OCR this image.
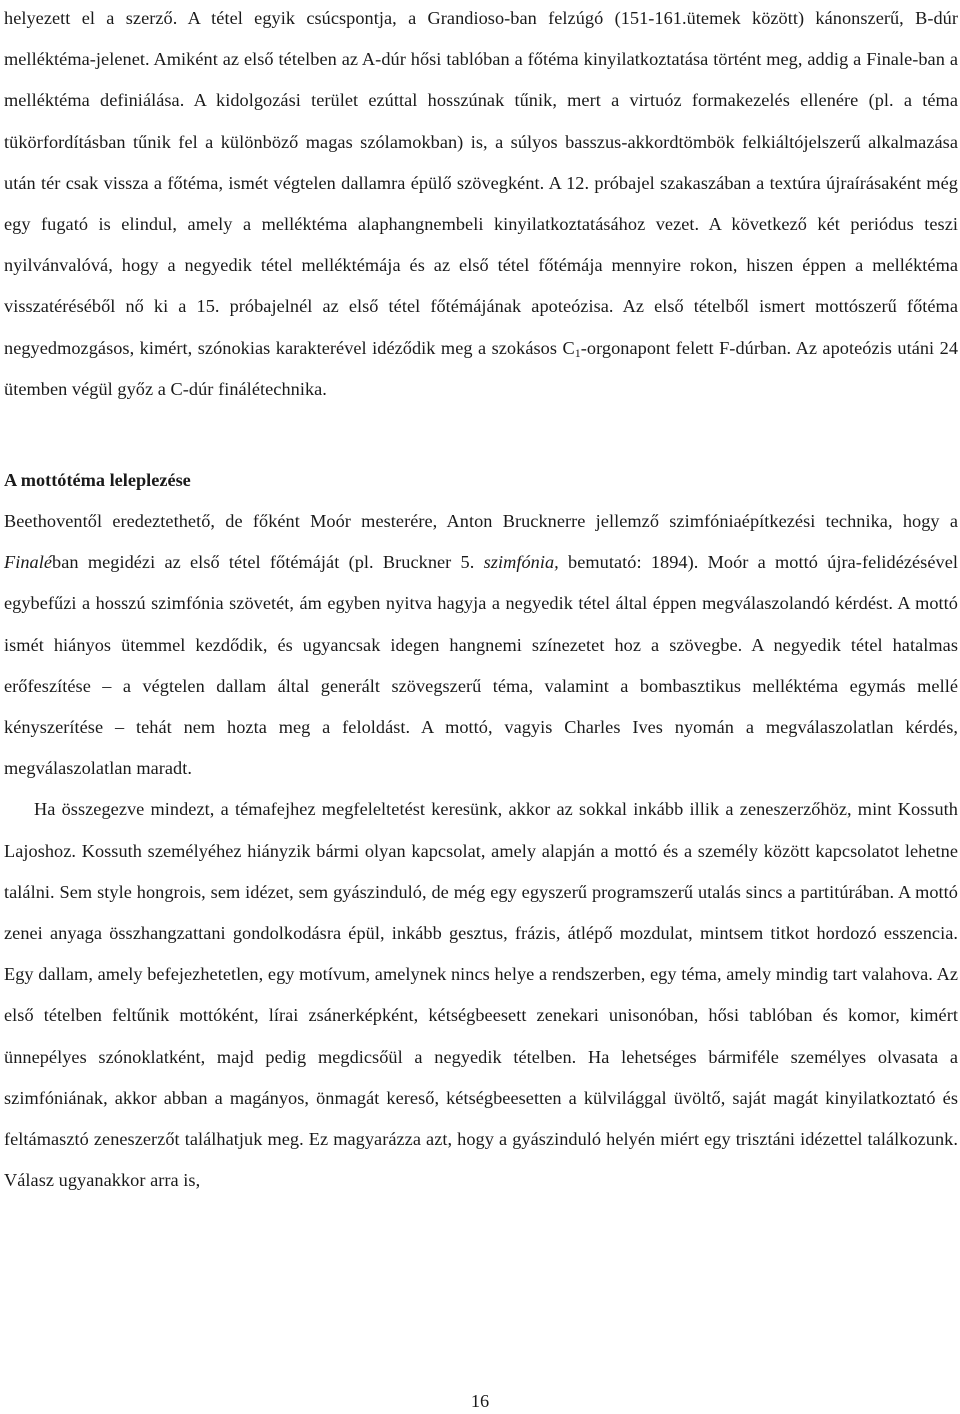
helyezett el a szerző. A tétel egyik csúcspontja, a Grandioso-ban felzúgó (151-161.ütemek között) kánonszerű, B-dúr melléktéma-jelenet. Amiként az első tételben az A-dúr hősi tablóban a főtéma kinyilatkoztatása történt meg, addig a Finale-ban a melléktéma definiálása. A kidolgozási terület ezúttal hosszúnak tűnik, mert a virtuóz formakezelés ellenére (pl. a téma tükörfordításban tűnik fel a különböző magas szólamokban) is, a súlyos basszus-akkordtömbök felkiáltójelszerű alkalmazása után tér csak vissza a főtéma, ismét végtelen dallamra épülő szövegként. A 12. próbajel szakaszában a textúra újraírásaként még egy fugató is elindul, amely a melléktéma alaphangnembeli kinyilatkoztatásához vezet. A következő két periódus teszi nyilvánvalóvá, hogy a negyedik tétel melléktémája és az első tétel főtémája mennyire rokon, hiszen éppen a melléktéma visszatéréséből nő ki a 15. próbajelnél az első tétel főtémájának apoteózisa. Az első tételből ismert mottószerű főtéma negyedmozgásos, kimért, szónokias karakterével idéződik meg a szokásos $C_1$-orgonapont felett F-dúrban. Az apoteózis utáni 24 ütemben végül győz a C-dúr finálétechnika.

A mottótéma leleplezése

Beethoventől eredeztethető, de főként Moór mesterére, Anton Brucknerre jellemző szimfóniaépítkezési technika, hogy a Finaléban megidézi az első tétel főtémáját (pl. Bruckner 5. szimfónia, bemutató: 1894). Moór a mottó újra-felidézésével egybefűzi a hosszú szimfónia szövetét, ám egyben nyitva hagyja a negyedik tétel által éppen megválaszolandó kérdést. A mottó ismét hiányos ütemmel kezdődik, és ugyancsak idegen hangnemi színezetet hoz a szövegbe. A negyedik tétel hatalmas erőfeszítése – a végtelen dallam által generált szövegszerű téma, valamint a bombasztikus melléktéma egymás mellé kényszerítése – tehát nem hozta meg a feloldást. A mottó, vagyis Charles Ives nyomán a megválaszolatlan kérdés, megválaszolatlan maradt.

Ha összegezve mindezt, a témafejhez megfeleltetést keresünk, akkor az sokkal inkább illik a zeneszerzőhöz, mint Kossuth Lajoshoz. Kossuth személyéhez hiányzik bármi olyan kapcsolat, amely alapján a mottó és a személy között kapcsolatot lehetne találni. Sem style hongrois, sem idézet, sem gyászinduló, de még egy egyszerű programszerű utalás sincs a partitúrában. A mottó zenei anyaga összhangzattani gondolkodásra épül, inkább gesztus, frázis, átlépő mozdulat, mintsem titkot hordozó esszencia. Egy dallam, amely befejezhetetlen, egy motívum, amelynek nincs helye a rendszerben, egy téma, amely mindig tart valahova. Az első tételben feltűnik mottóként, lírai zsánerképként, kétségbeesett zenekari unisonóban, hősi tablóban és komor, kimért ünnepélyes szónoklatként, majd pedig megdicsőül a negyedik tételben. Ha lehetséges bármiféle személyes olvasata a szimfóniának, akkor abban a magányos, önmagát kereső, kétségbeesetten a külvilággal üvöltő, saját magát kinyilatkoztató és feltámasztó zeneszerzőt találhatjuk meg. Ez magyarázza azt, hogy a gyászinduló helyén miért egy trisztáni idézettel találkozunk. Válasz ugyanakkor arra is,

16
